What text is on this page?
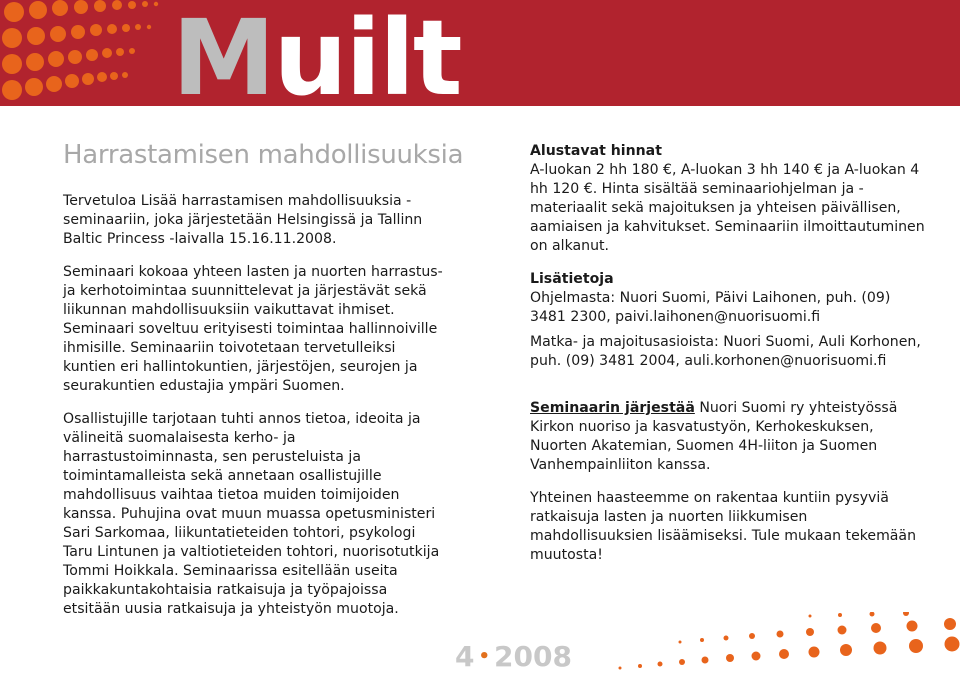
Muilt
Harrastamisen mahdollisuuksia

Tervetuloa Lisää harrastamisen mahdollisuuksia - seminaariin, joka järjestetään Helsingissä ja Tallinn Baltic Princess -laivalla 15.16.11.2008.

Seminaari kokoaa yhteen lasten ja nuorten harrastus- ja kerhotoimintaa suunnittelevat ja järjestävät sekä liikunnan mahdollisuuksiin vaikuttavat ihmiset. Seminaari soveltuu erityisesti toimintaa hallinnoiville ihmisille. Seminaariin toivotetaan tervetulleiksi kuntien eri hallintokuntien, järjestöjen, seurojen ja seurakuntien edustajia ympäri Suomen.

Osallistujille tarjotaan tuhti annos tietoa, ideoita ja välineitä suomalaisesta kerho- ja harrastustoiminnasta, sen perusteluista ja toimintamalleista sekä annetaan osallistujille mahdollisuus vaihtaa tietoa muiden toimijoiden kanssa. Puhujina ovat muun muassa opetusministeri Sari Sarkomaa, liikuntatieteiden tohtori, psykologi Taru Lintunen ja valtiotieteiden tohtori, nuorisotutkija Tommi Hoikkala. Seminaarissa esitellään useita paikkakuntakohtaisia ratkaisuja ja työpajoissa etsitään uusia ratkaisuja ja yhteistyön muotoja.

Alustavat hinnat
A-luokan 2 hh 180 €, A-luokan 3 hh 140 € ja A-luokan 4 hh 120 €. Hinta sisältää seminaariohjelman ja -materiaalit sekä majoituksen ja yhteisen päivällisen, aamiaisen ja kahvitukset. Seminaariin ilmoittautuminen on alkanut.

Lisätietoja
Ohjelmasta: Nuori Suomi, Päivi Laihonen, puh. (09) 3481 2300, paivi.laihonen@nuorisuomi.fi

Matka- ja majoitusasioista: Nuori Suomi, Auli Korhonen, puh. (09) 3481 2004, auli.korhonen@nuorisuomi.fi

Seminaarin järjestää Nuori Suomi ry yhteistyössä Kirkon nuoriso ja kasvatustyön, Kerhokeskuksen, Nuorten Akatemian, Suomen 4H-liiton ja Suomen Vanhempainliiton kanssa.

Yhteinen haasteemme on rakentaa kuntiin pysyviä ratkaisuja lasten ja nuorten liikkumisen mahdollisuuksien lisäämiseksi. Tule mukaan tekemään muutosta!

4 • 2008
